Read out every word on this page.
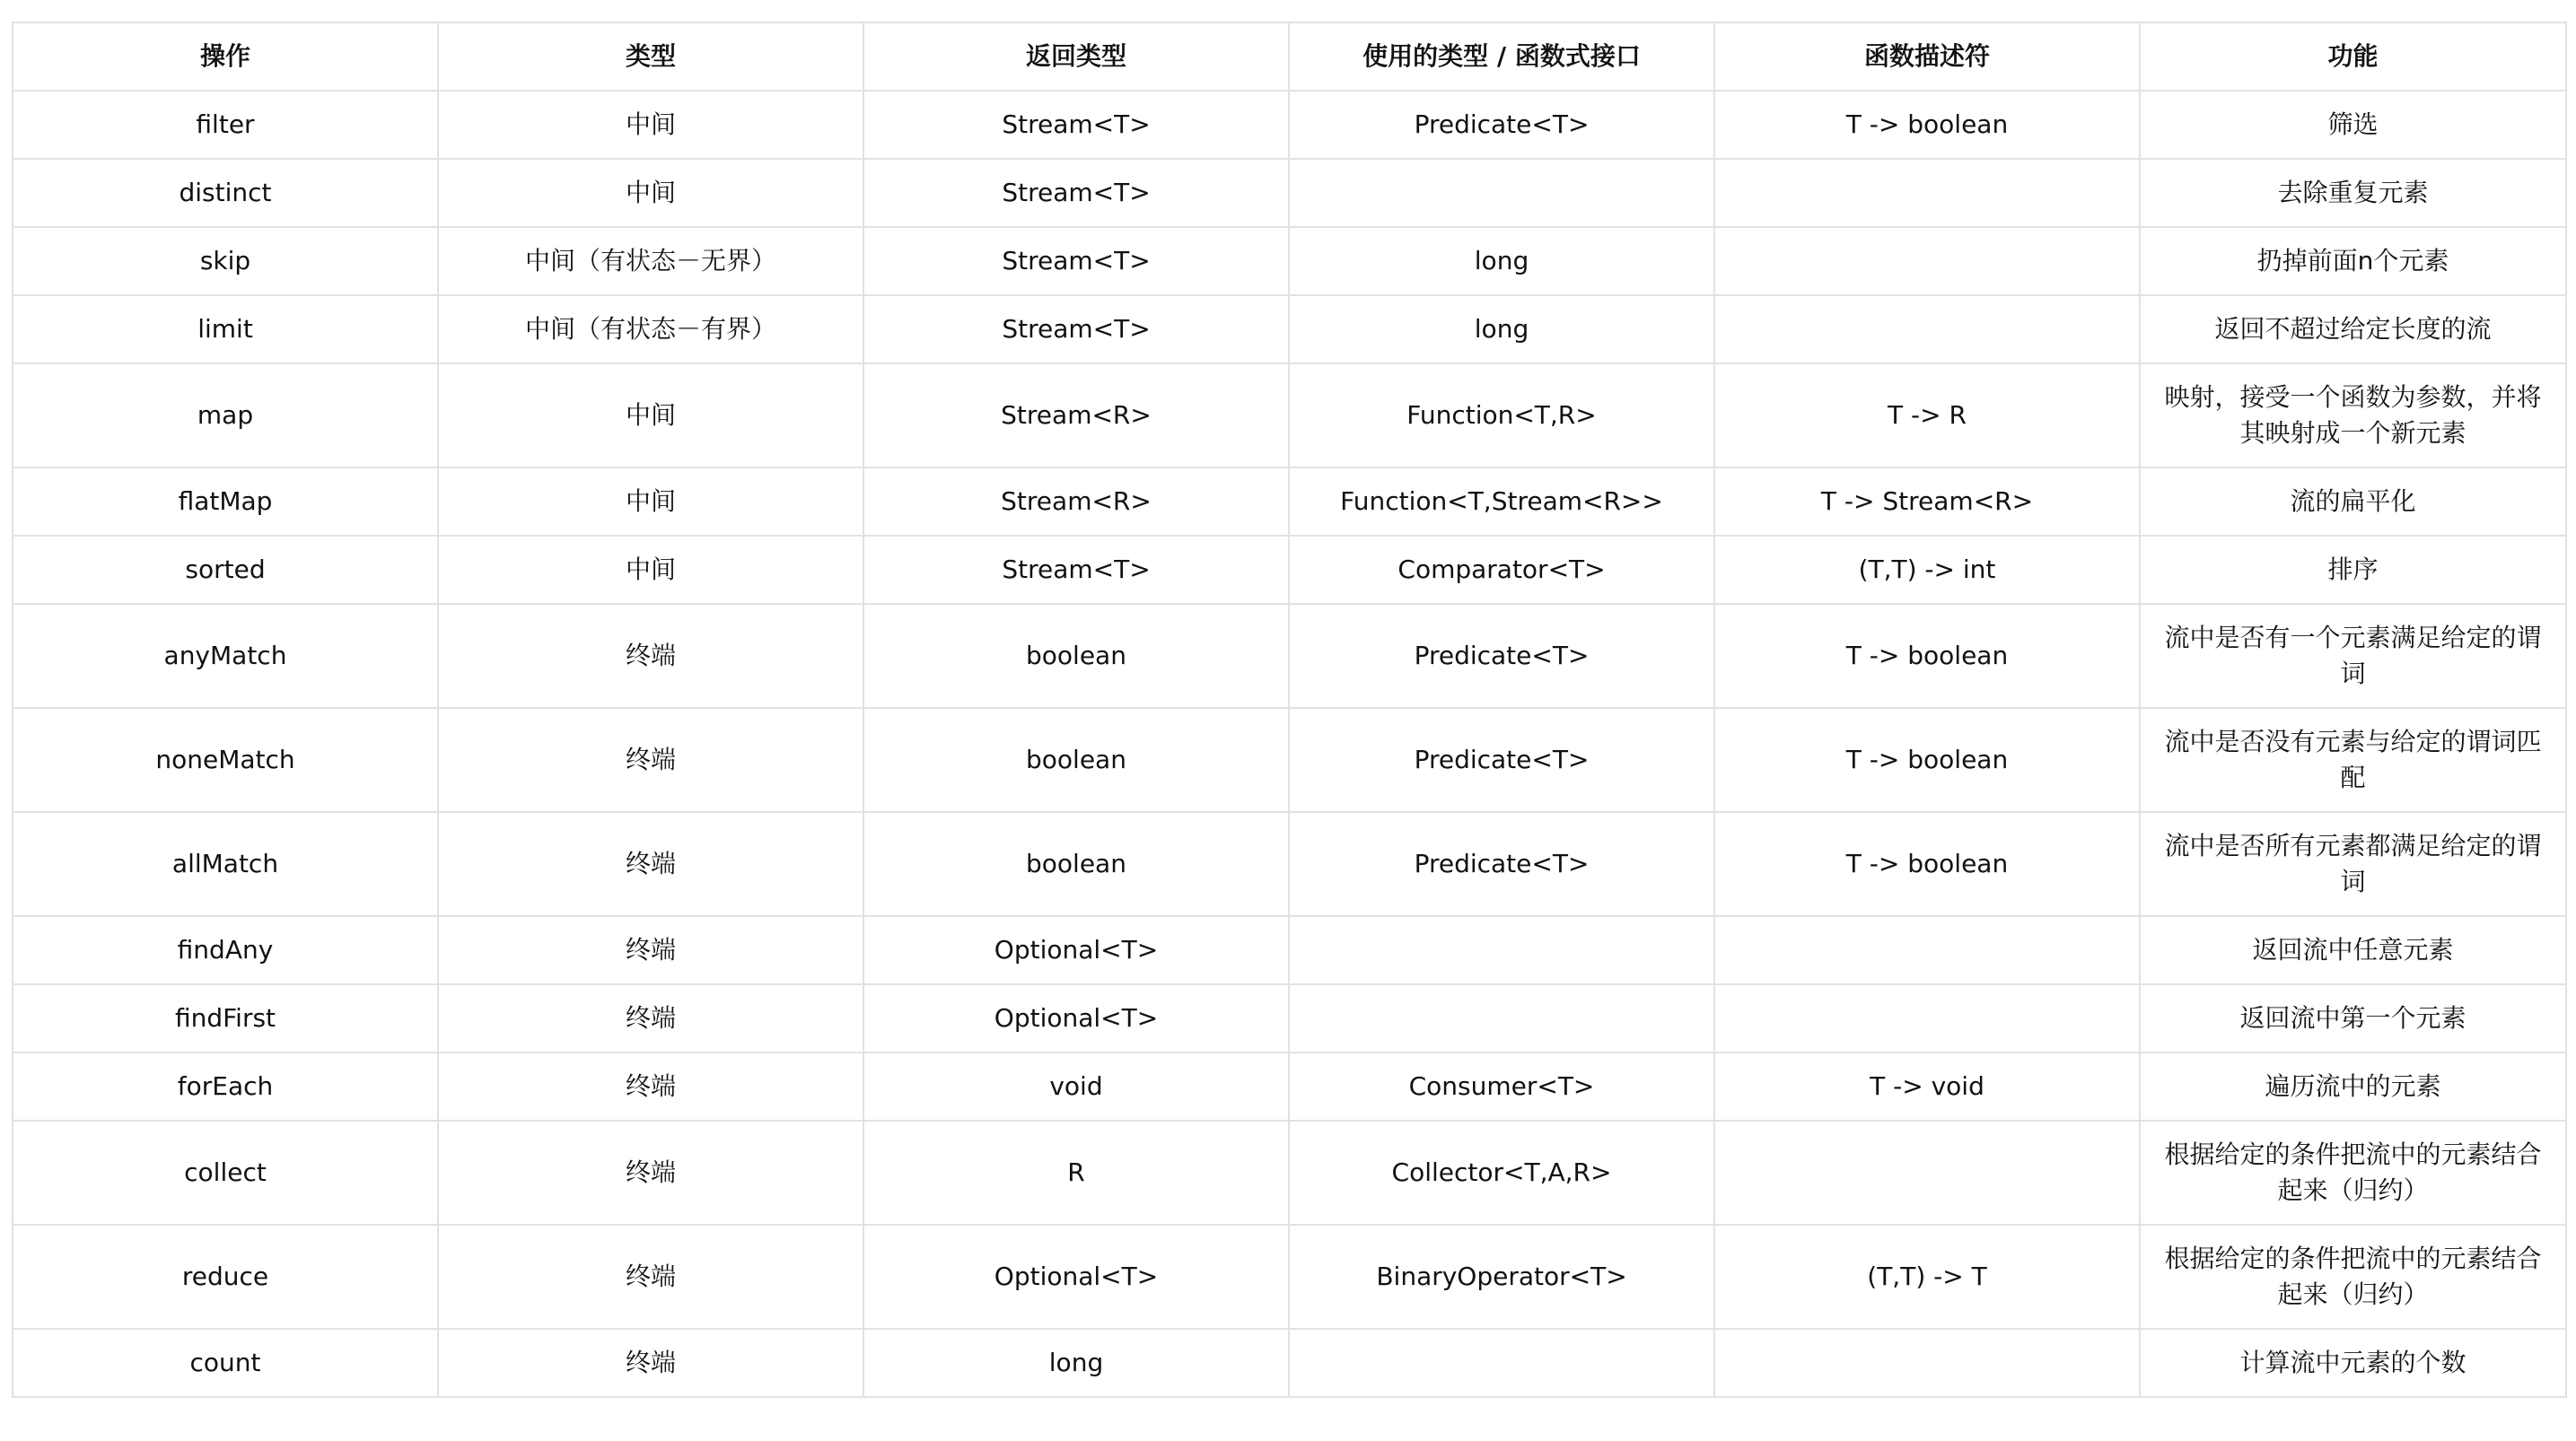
操作	类型	返回类型	使用的类型 / 函数式接口	函数描述符	功能
filter	中间	Stream<T>	Predicate<T>	T -> boolean	筛选
distinct	中间	Stream<T>			去除重复元素
skip	中间（有状态－无界）	Stream<T>	long		扔掉前面n个元素
limit	中间（有状态－有界）	Stream<T>	long		返回不超过给定长度的流
map	中间	Stream<R>	Function<T,R>	T -> R	映射，接受一个函数为参数，并将其映射成一个新元素
flatMap	中间	Stream<R>	Function<T,Stream<R>>	T -> Stream<R>	流的扁平化
sorted	中间	Stream<T>	Comparator<T>	(T,T) -> int	排序
anyMatch	终端	boolean	Predicate<T>	T -> boolean	流中是否有一个元素满足给定的谓词
noneMatch	终端	boolean	Predicate<T>	T -> boolean	流中是否没有元素与给定的谓词匹配
allMatch	终端	boolean	Predicate<T>	T -> boolean	流中是否所有元素都满足给定的谓词
findAny	终端	Optional<T>			返回流中任意元素
findFirst	终端	Optional<T>			返回流中第一个元素
forEach	终端	void	Consumer<T>	T -> void	遍历流中的元素
collect	终端	R	Collector<T,A,R>		根据给定的条件把流中的元素结合起来（归约）
reduce	终端	Optional<T>	BinaryOperator<T>	(T,T) -> T	根据给定的条件把流中的元素结合起来（归约）
count	终端	long			计算流中元素的个数
